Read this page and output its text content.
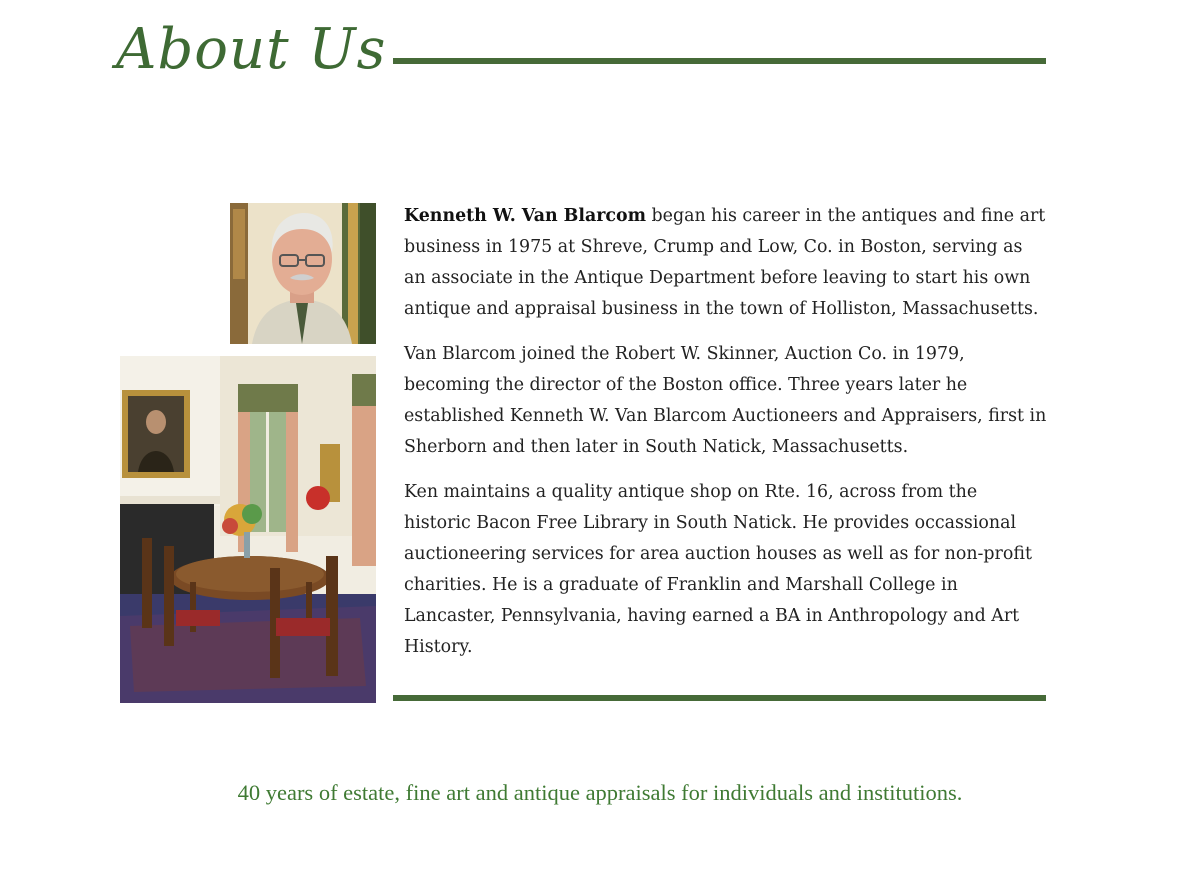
About Us

Kenneth W. Van Blarcom began his career in the antiques and fine art business in 1975 at Shreve, Crump and Low, Co. in Boston, serving as an associate in the Antique Department before leaving to start his own antique and appraisal business in the town of Holliston, Massachusetts.

Van Blarcom joined the Robert W. Skinner, Auction Co. in 1979, becoming the director of the Boston office. Three years later he established Kenneth W. Van Blarcom Auctioneers and Appraisers, first in Sherborn and then later in South Natick, Massachusetts.

Ken maintains a quality antique shop on Rte. 16, across from the historic Bacon Free Library in South Natick. He provides occassional auctioneering services for area auction houses as well as for non-profit charities. He is a graduate of Franklin and Marshall College in Lancaster, Pennsylvania, having earned a BA in Anthropology and Art History.

40 years of estate, fine art and antique appraisals for individuals and institutions.
